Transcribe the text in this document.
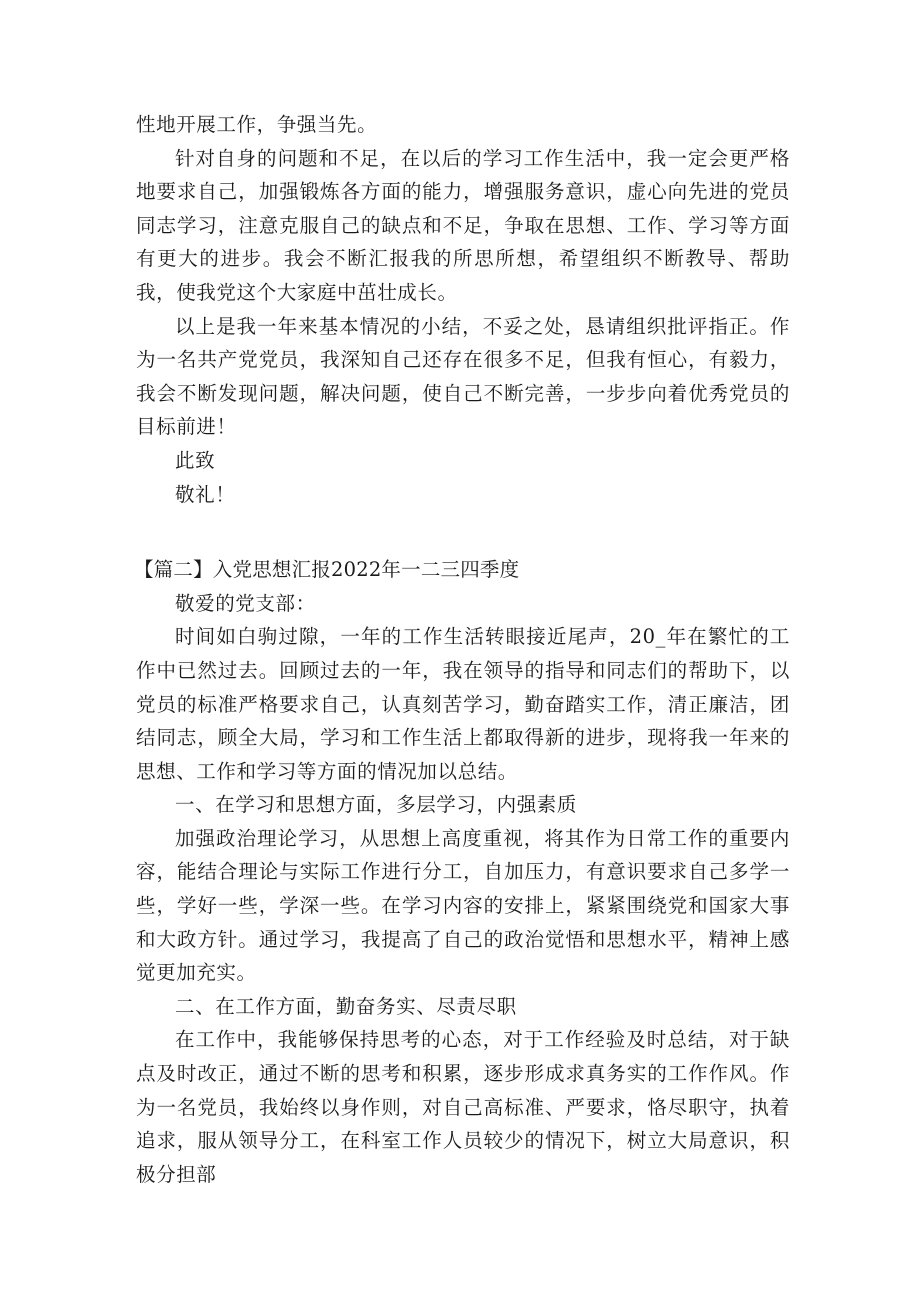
性地开展工作，争强当先。

针对自身的问题和不足，在以后的学习工作生活中，我一定会更严格地要求自己，加强锻炼各方面的能力，增强服务意识，虚心向先进的党员同志学习，注意克服自己的缺点和不足，争取在思想、工作、学习等方面有更大的进步。我会不断汇报我的所思所想，希望组织不断教导、帮助我，使我党这个大家庭中茁壮成长。

以上是我一年来基本情况的小结，不妥之处，恳请组织批评指正。作为一名共产党党员，我深知自己还存在很多不足，但我有恒心，有毅力，我会不断发现问题，解决问题，使自己不断完善，一步步向着优秀党员的目标前进！

此致

敬礼！

【篇二】入党思想汇报2022年一二三四季度

敬爱的党支部：

时间如白驹过隙，一年的工作生活转眼接近尾声，20_年在繁忙的工作中已然过去。回顾过去的一年，我在领导的指导和同志们的帮助下，以党员的标准严格要求自己，认真刻苦学习，勤奋踏实工作，清正廉洁，团结同志，顾全大局，学习和工作生活上都取得新的进步，现将我一年来的思想、工作和学习等方面的情况加以总结。

一、在学习和思想方面，多层学习，内强素质

加强政治理论学习，从思想上高度重视，将其作为日常工作的重要内容，能结合理论与实际工作进行分工，自加压力，有意识要求自己多学一些，学好一些，学深一些。在学习内容的安排上，紧紧围绕党和国家大事和大政方针。通过学习，我提高了自己的政治觉悟和思想水平，精神上感觉更加充实。

二、在工作方面，勤奋务实、尽责尽职

在工作中，我能够保持思考的心态，对于工作经验及时总结，对于缺点及时改正，通过不断的思考和积累，逐步形成求真务实的工作作风。作为一名党员，我始终以身作则，对自己高标准、严要求，恪尽职守，执着追求，服从领导分工，在科室工作人员较少的情况下，树立大局意识，积极分担部
